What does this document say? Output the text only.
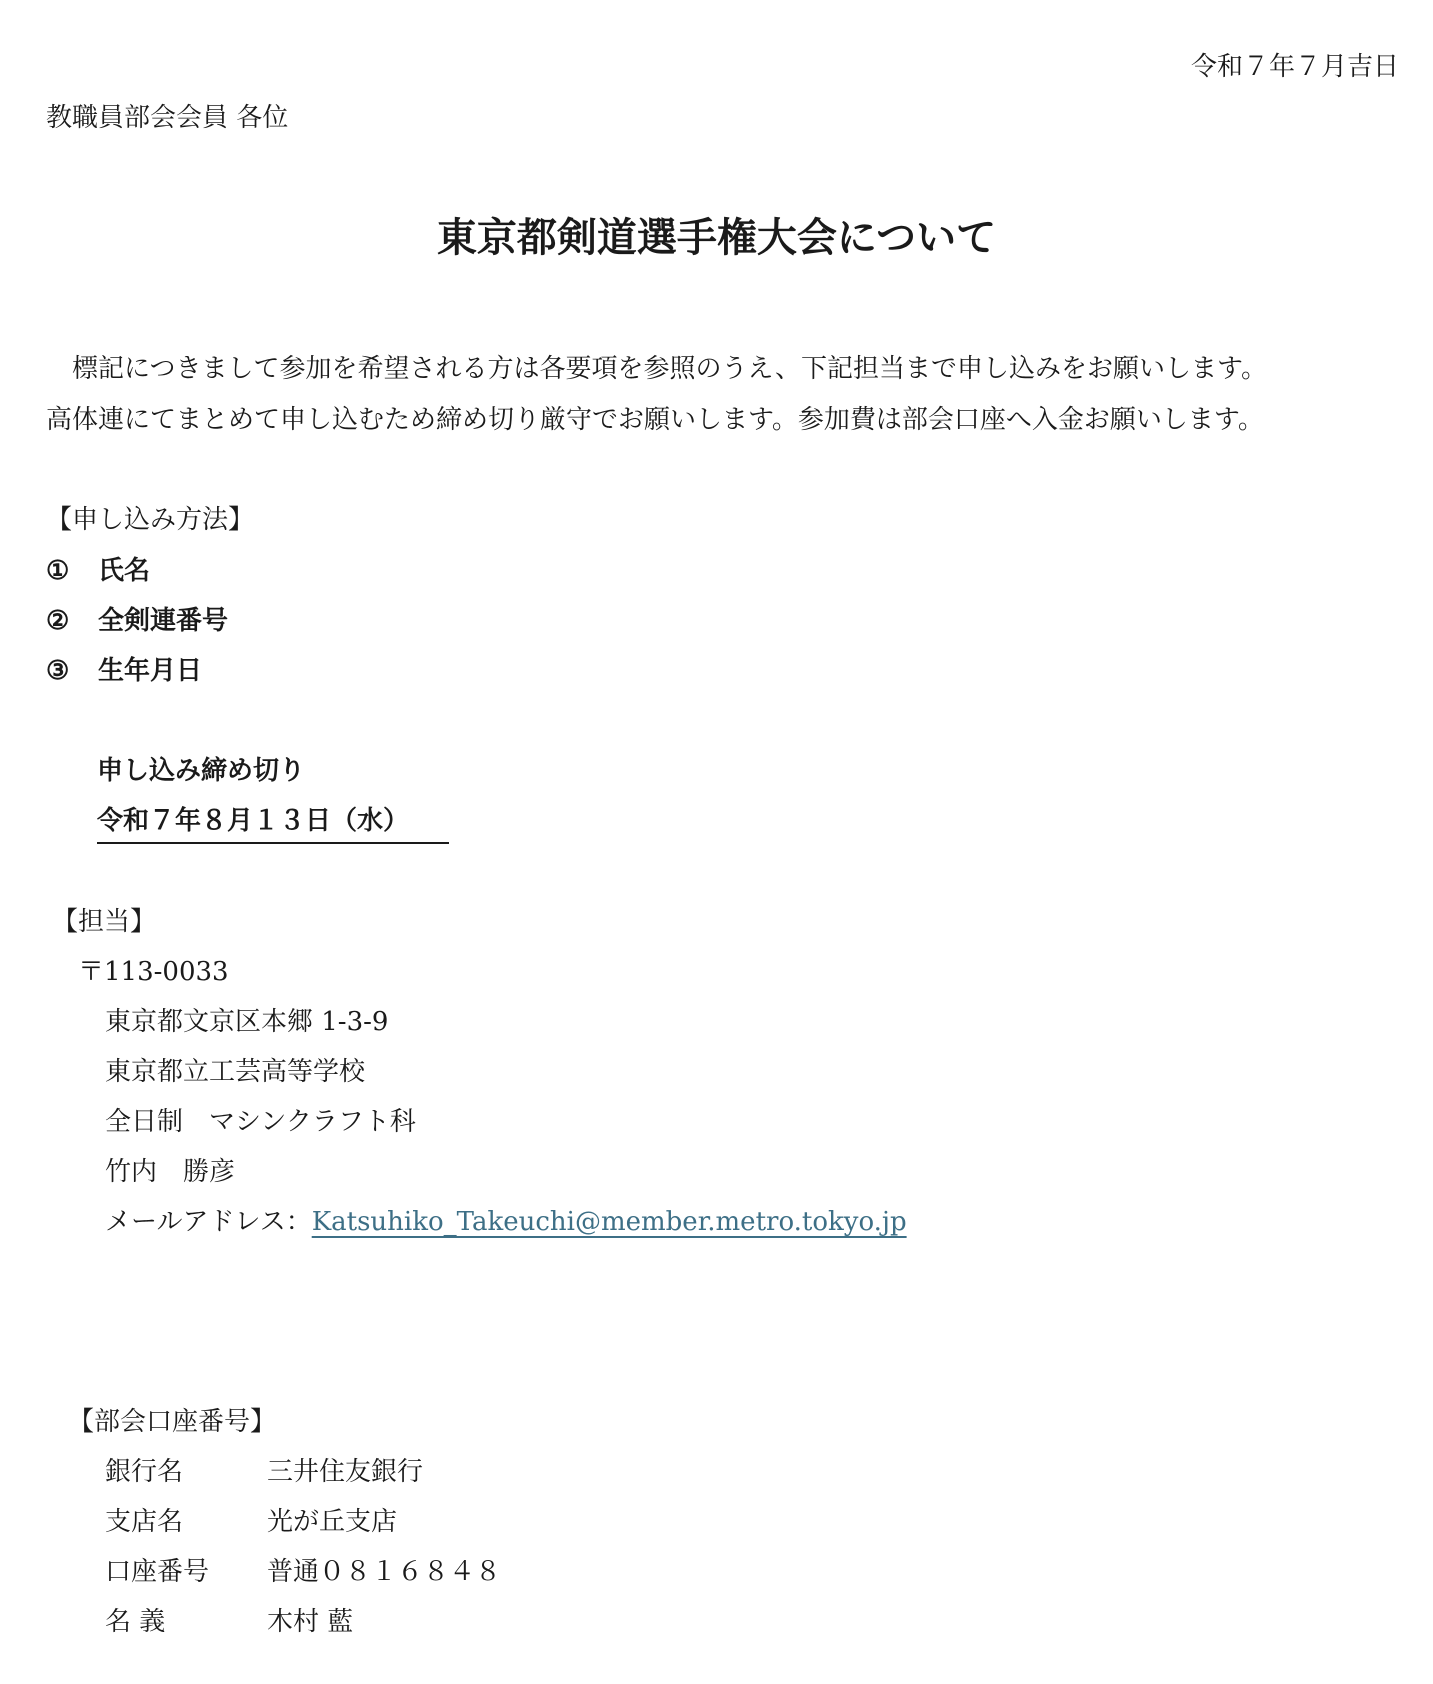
令和７年７月吉日
教職員部会会員 各位
東京都剣道選手権大会について
　標記につきまして参加を希望される方は各要項を参照のうえ、下記担当まで申し込みをお願いします。
高体連にてまとめて申し込むため締め切り厳守でお願いします。参加費は部会口座へ入金お願いします。
【申し込み方法】
① 氏名
② 全剣連番号
③ 生年月日
申し込み締め切り
令和７年８月１３日（水）
【担当】
〒113-0033
東京都文京区本郷 1-3-9
東京都立工芸高等学校
全日制　マシンクラフト科
竹内　勝彦
メールアドレス：Katsuhiko_Takeuchi@member.metro.tokyo.jp
【部会口座番号】
銀行名	三井住友銀行
支店名	光が丘支店
口座番号 普通０８１６８４８
名 義	木村 藍
